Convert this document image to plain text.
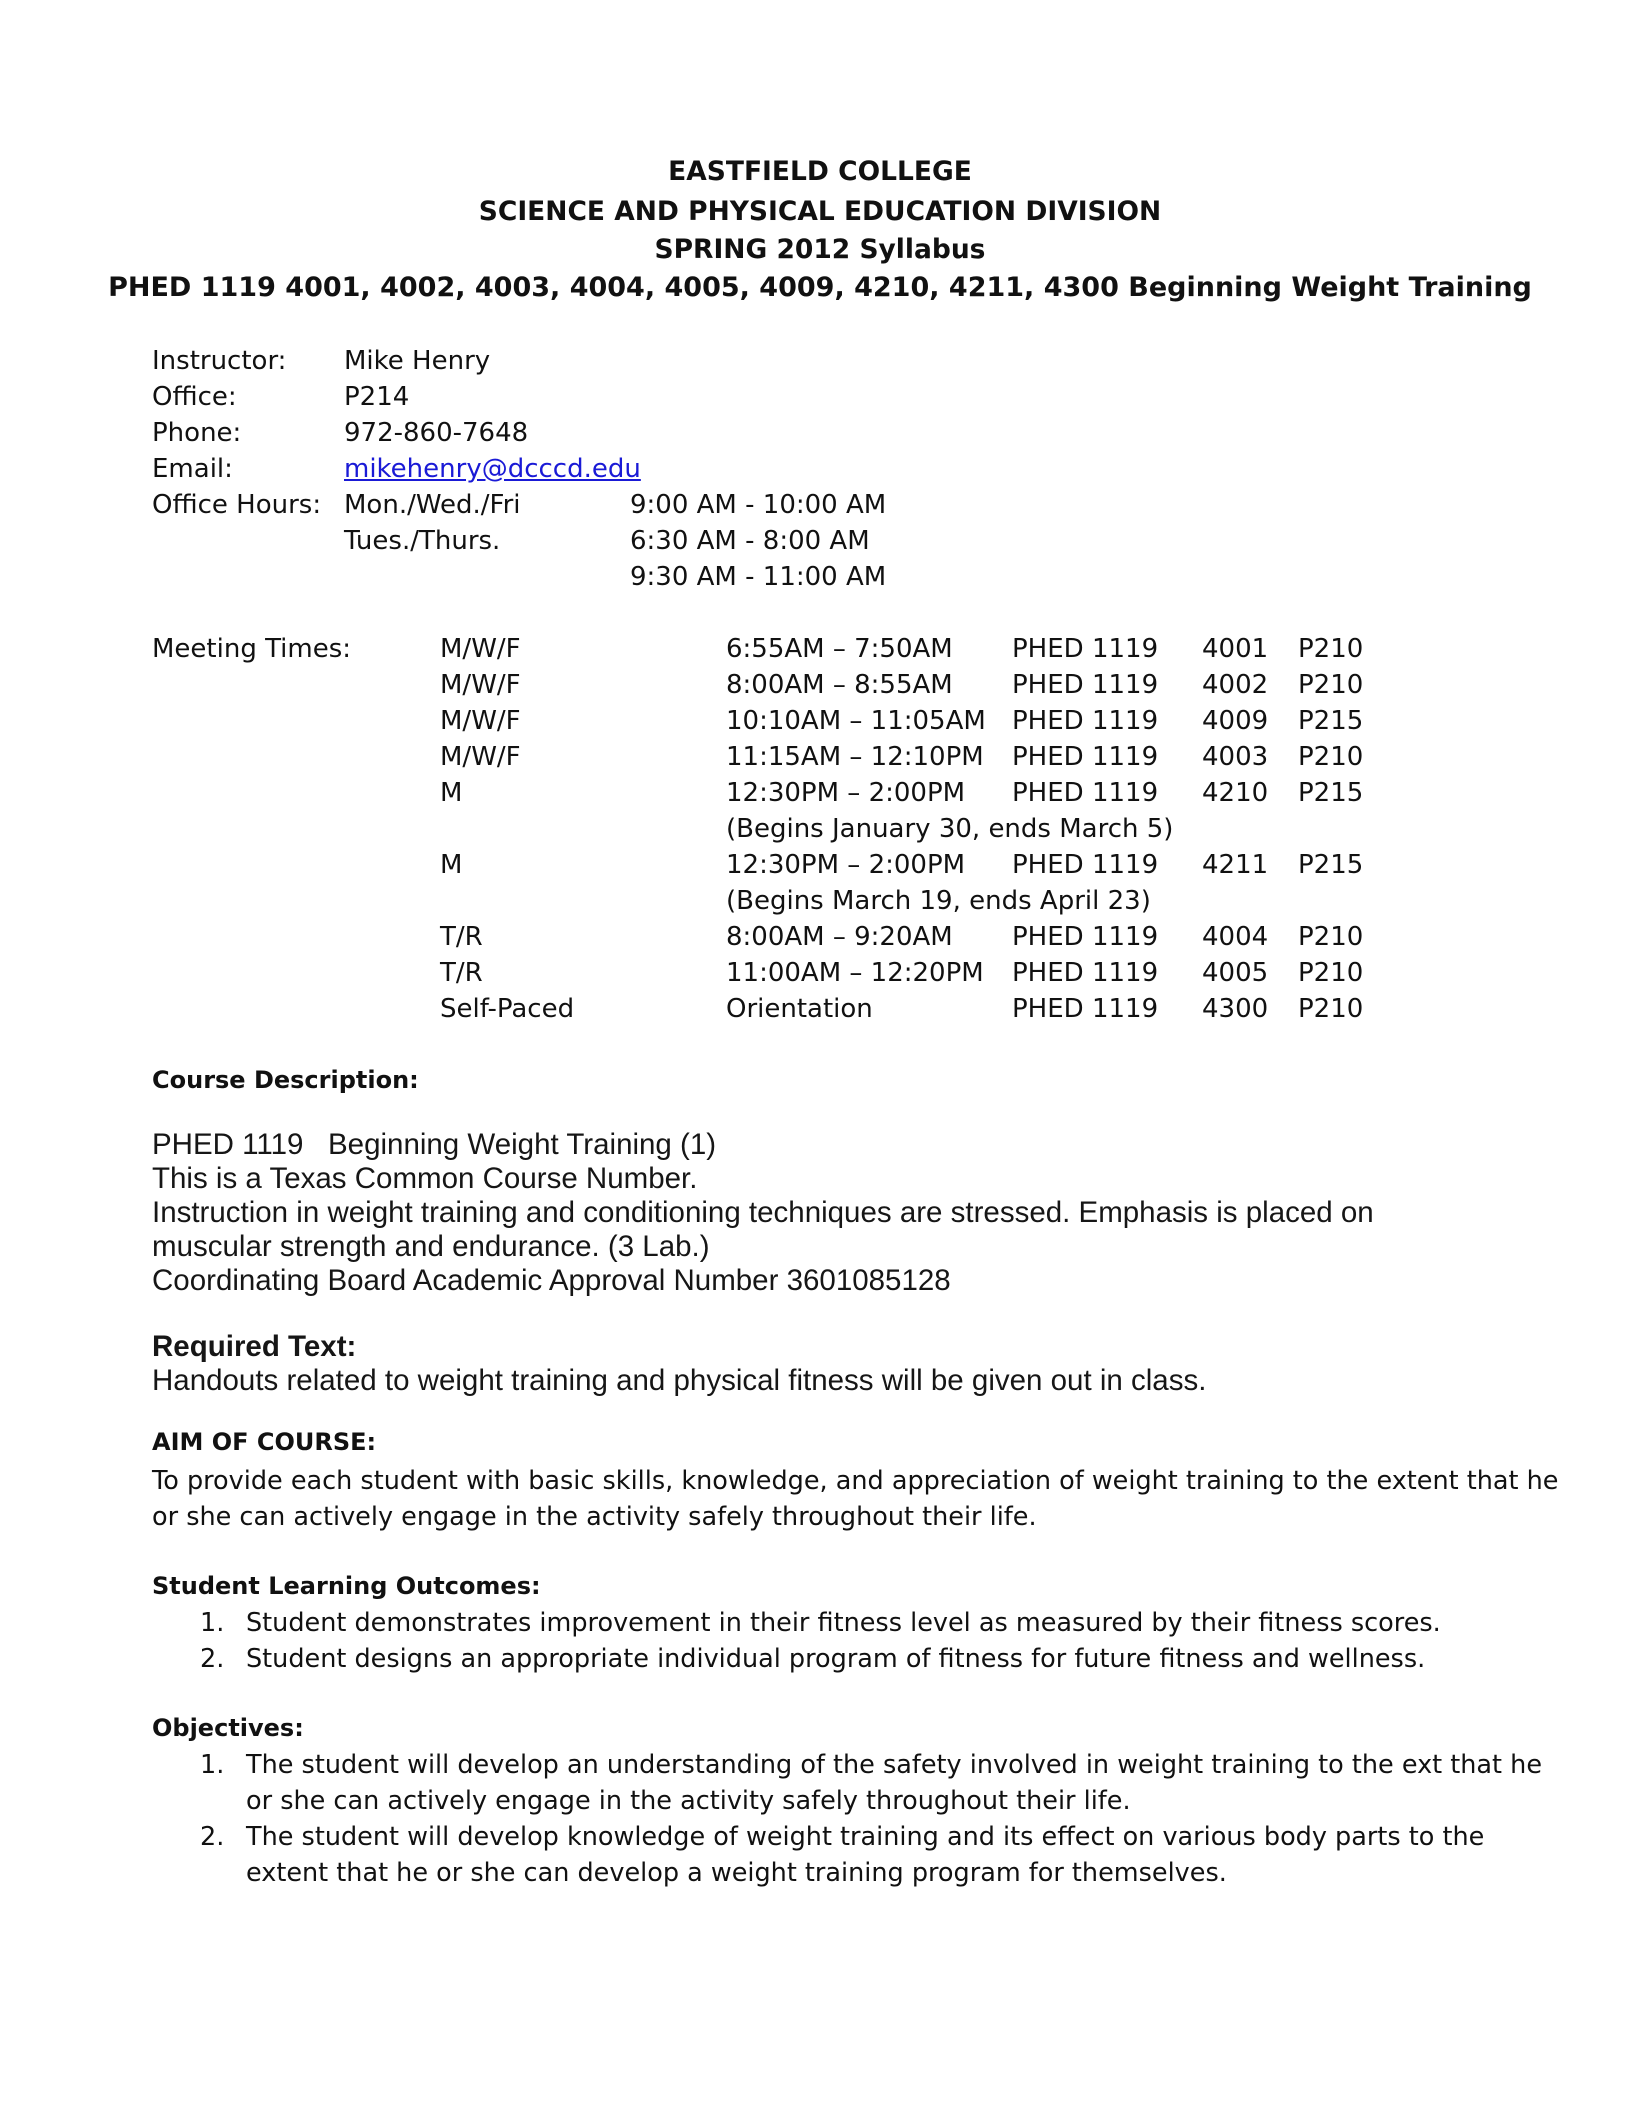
EASTFIELD COLLEGE
SCIENCE AND PHYSICAL EDUCATION DIVISION
SPRING 2012 Syllabus
PHED 1119 4001, 4002, 4003, 4004, 4005, 4009, 4210, 4211, 4300 Beginning Weight Training
Instructor: Mike Henry
Office:	P214
Phone:	972-860-7648
Email:	mikehenry@dcccd.edu
Office Hours: Mon./Wed./Fri	9:00 AM - 10:00 AM
Tues./Thurs.	6:30 AM - 8:00 AM
9:30 AM - 11:00 AM
Meeting Times:	M/W/F	6:55AM – 7:50AM PHED 1119 4001 P210
M/W/F	8:00AM – 8:55AM PHED 1119 4002 P210
M/W/F	10:10AM – 11:05AM PHED 1119 4009 P215
M/W/F	11:15AM – 12:10PM PHED 1119 4003 P210
M	12:30PM – 2:00PM PHED 1119 4210 P215
(Begins January 30, ends March 5)
M	12:30PM – 2:00PM PHED 1119 4211 P215
(Begins March 19, ends April 23)
T/R	8:00AM – 9:20AM PHED 1119 4004 P210
T/R	11:00AM – 12:20PM PHED 1119 4005 P210
Self-Paced	Orientation	PHED 1119 4300 P210
Course Description:
PHED 1119   Beginning Weight Training (1)
This is a Texas Common Course Number.
Instruction in weight training and conditioning techniques are stressed. Emphasis is placed on
muscular strength and endurance. (3 Lab.)
Coordinating Board Academic Approval Number 3601085128
Required Text:
Handouts related to weight training and physical fitness will be given out in class.
AIM OF COURSE:
To provide each student with basic skills, knowledge, and appreciation of weight training to the extent that he
or she can actively engage in the activity safely throughout their life.
Student Learning Outcomes:
1. Student demonstrates improvement in their fitness level as measured by their fitness scores.
2. Student designs an appropriate individual program of fitness for future fitness and wellness.
Objectives:
1. The student will develop an understanding of the safety involved in weight training to the ext that he
or she can actively engage in the activity safely throughout their life.
2. The student will develop knowledge of weight training and its effect on various body parts to the
extent that he or she can develop a weight training program for themselves.
